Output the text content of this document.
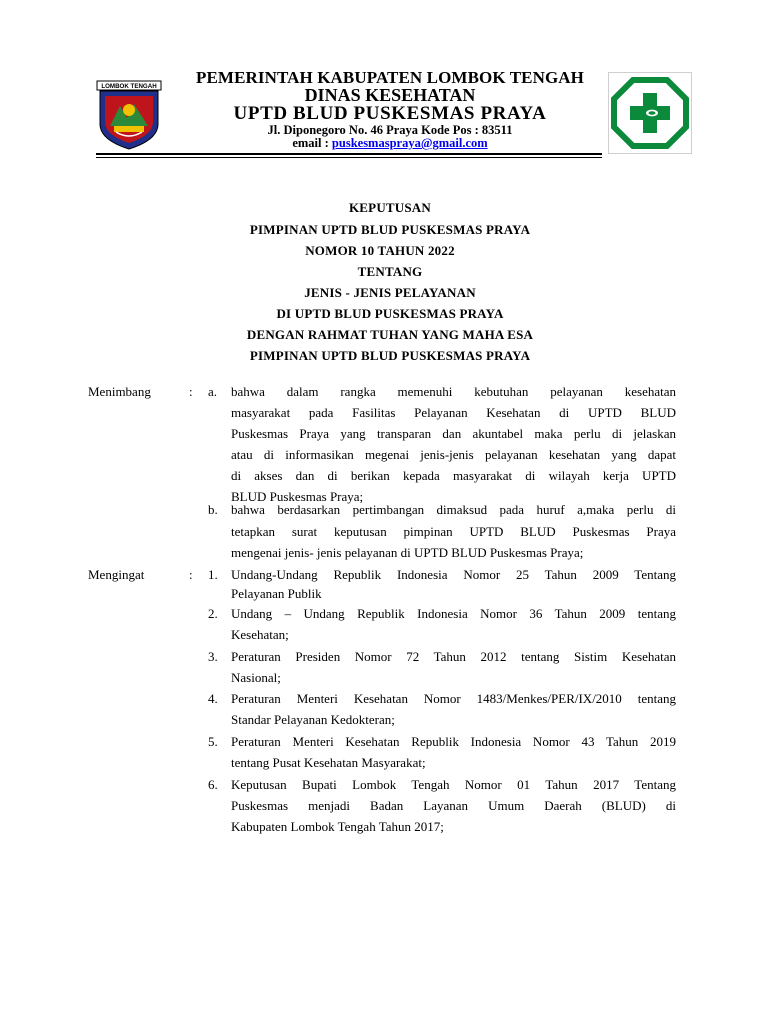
LOMBOK TENGAH	PEMERINTAH KABUPATEN LOMBOK TENGAH
DINAS KESEHATAN
UPTD BLUD PUSKESMAS PRAYA
Jl. Diponegoro No. 46 Praya Kode Pos : 83511
email : puskesmaspraya@gmail.com
KEPUTUSAN
PIMPINAN UPTD BLUD PUSKESMAS PRAYA
NOMOR 10 TAHUN 2022
TENTANG
JENIS - JENIS PELAYANAN
DI UPTD BLUD PUSKESMAS PRAYA
DENGAN RAHMAT TUHAN YANG MAHA ESA
PIMPINAN UPTD BLUD PUSKESMAS PRAYA
Menimbang	: a. bahwa dalam rangka memenuhi kebutuhan pelayanan kesehatan
masyarakat pada Fasilitas Pelayanan Kesehatan di UPTD BLUD
Puskesmas Praya yang transparan dan akuntabel maka perlu di jelaskan
atau di informasikan megenai jenis-jenis pelayanan kesehatan yang dapat
di akses dan di berikan kepada masyarakat di wilayah kerja UPTD
BLUD Puskesmas Praya;
b. bahwa berdasarkan pertimbangan dimaksud pada huruf a,maka perlu di
tetapkan surat keputusan pimpinan UPTD BLUD Puskesmas Praya
mengenai jenis- jenis pelayanan di UPTD BLUD Puskesmas Praya;
Mengingat	: 1. Undang-Undang Republik Indonesia Nomor 25 Tahun 2009 Tentang
Pelayanan Publik
2. Undang – Undang Republik Indonesia Nomor 36 Tahun 2009 tentang
Kesehatan;
3. Peraturan Presiden Nomor 72 Tahun 2012 tentang Sistim Kesehatan
Nasional;
4. Peraturan Menteri Kesehatan Nomor 1483/Menkes/PER/IX/2010 tentang
Standar Pelayanan Kedokteran;
5. Peraturan Menteri Kesehatan Republik Indonesia Nomor 43 Tahun 2019
tentang Pusat Kesehatan Masyarakat;
6. Keputusan Bupati Lombok Tengah Nomor 01 Tahun 2017 Tentang
Puskesmas menjadi Badan Layanan Umum Daerah (BLUD) di
Kabupaten Lombok Tengah Tahun 2017;
